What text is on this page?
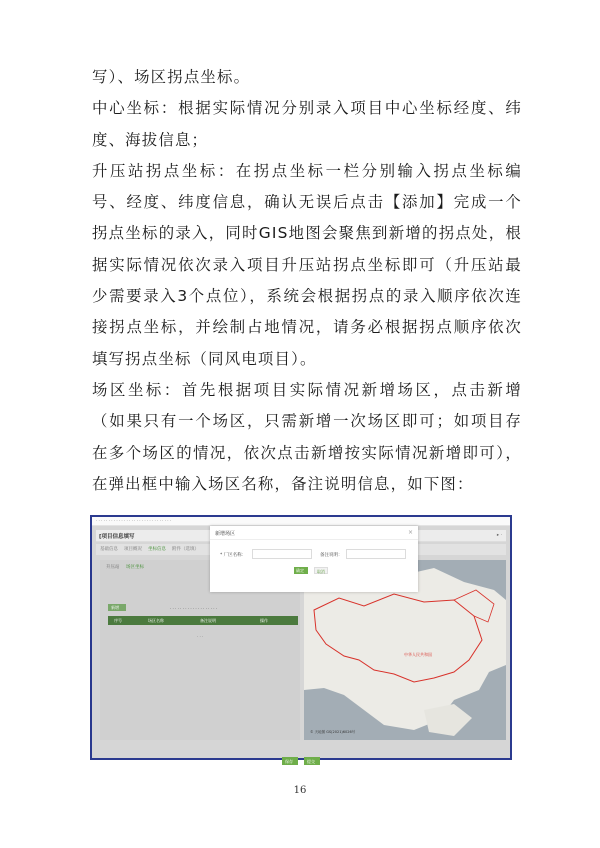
写）、场区拐点坐标。

中心坐标：根据实际情况分别录入项目中心坐标经度、纬度、海拔信息；

升压站拐点坐标：在拐点坐标一栏分别输入拐点坐标编号、经度、纬度信息，确认无误后点击【添加】完成一个拐点坐标的录入，同时GIS地图会聚焦到新增的拐点处，根据实际情况依次录入项目升压站拐点坐标即可（升压站最少需要录入3个点位），系统会根据拐点的录入顺序依次连接拐点坐标，并绘制占地情况，请务必根据拐点顺序依次填写拐点坐标（同风电项目）。

场区坐标：首先根据项目实际情况新增场区，点击新增（如果只有一个场区，只需新增一次场区即可；如项目存在多个场区的情况，依次点击新增按实际情况新增即可），在弹出框中输入场区名称，备注说明信息，如下图：

· · · · · · · · · · · · · · · · · · · · · · · · · · · · · ·
[项目信息填写	▸ ·
基础信息 项目概况 坐标信息 附件（选填）
升压站 场区坐标
新增	· · · · · · · · · · · · · · · · · · ·
序号	场区名称	备注说明	操作
· · ·
中华人民共和国
© 天地图 GS(2021)6026号
保存	提交
新增场区	×
* 厂区名称：	备注说明：
确定	取消
16
